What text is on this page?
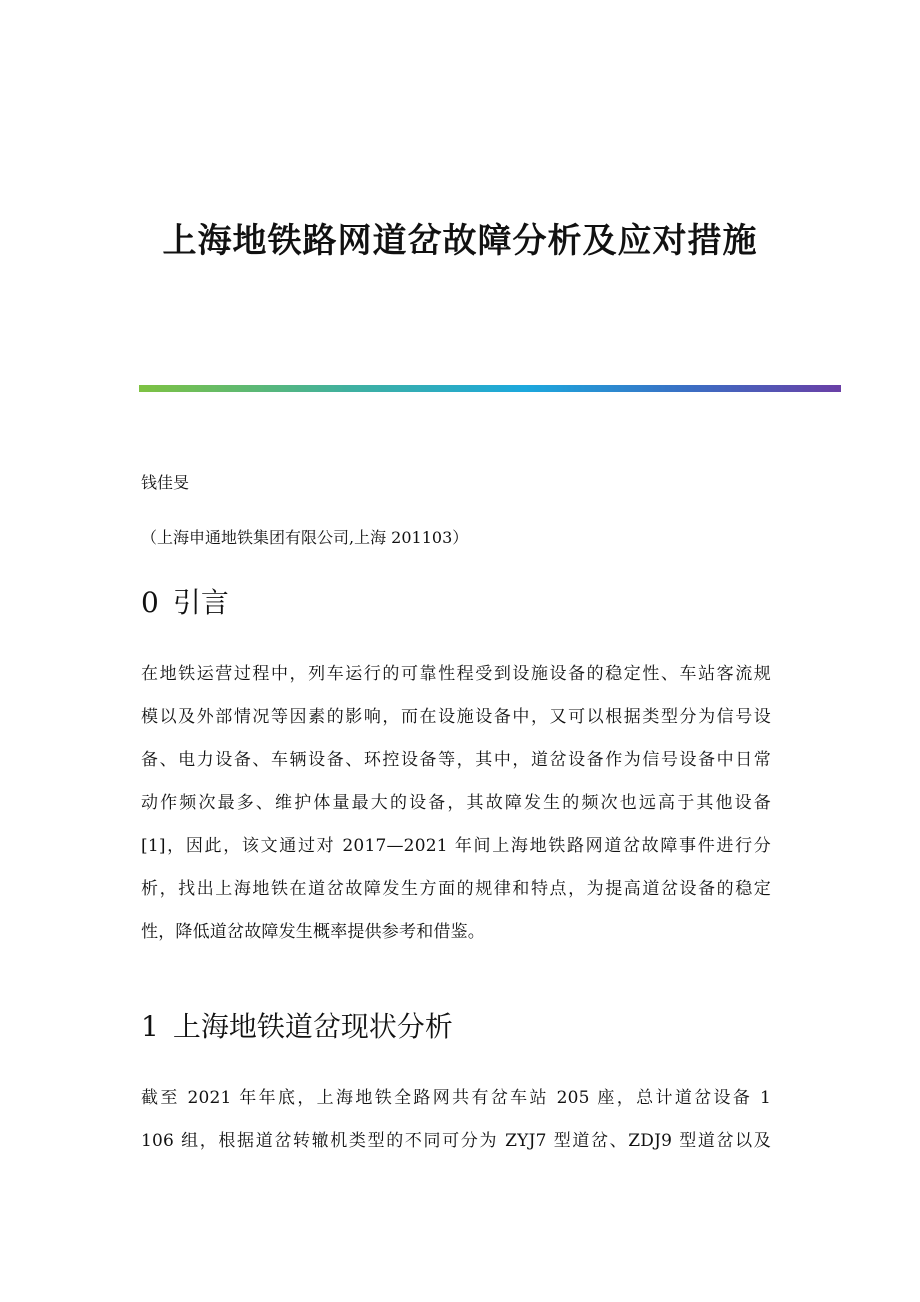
上海地铁路网道岔故障分析及应对措施
钱佳旻
（上海申通地铁集团有限公司,上海 201103）
0 引言
在地铁运营过程中，列车运行的可靠性程受到设施设备的稳定性、车站客流规
模以及外部情况等因素的影响，而在设施设备中，又可以根据类型分为信号设
备、电力设备、车辆设备、环控设备等，其中，道岔设备作为信号设备中日常
动作频次最多、维护体量最大的设备，其故障发生的频次也远高于其他设备
[1]，因此，该文通过对 2017—2021 年间上海地铁路网道岔故障事件进行分
析，找出上海地铁在道岔故障发生方面的规律和特点，为提高道岔设备的稳定
性，降低道岔故障发生概率提供参考和借鉴。
1 上海地铁道岔现状分析
截至 2021 年年底，上海地铁全路网共有岔车站 205 座，总计道岔设备 1
106 组，根据道岔转辙机类型的不同可分为 ZYJ7 型道岔、ZDJ9 型道岔以及
